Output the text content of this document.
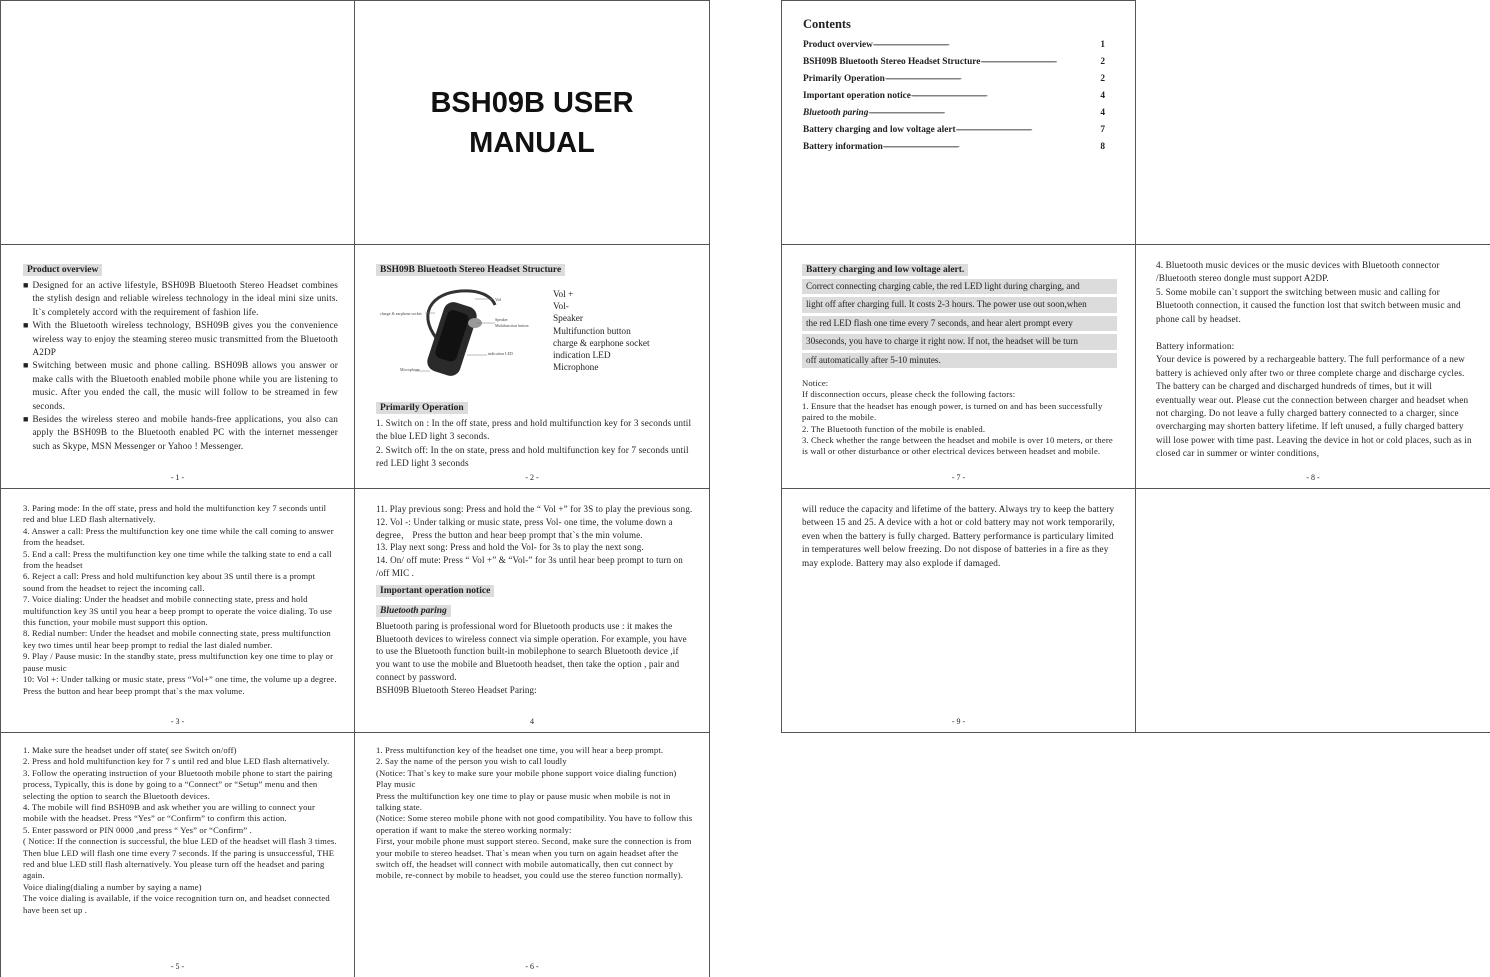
BSH09B USER
MANUAL
Contents
Product overview - - -	1
BSH09B Bluetooth Stereo Headset Structure - - -	2
Primarily Operation - - -	2
Important operation notice - - -	4
Bluetooth paring - - -	4
Battery charging and low voltage alert - - -	7
Battery information - - -	8
Product overview
■ Designed for an active lifestyle, BSH09B Bluetooth Stereo Headset combines the stylish design and reliable wireless technology in the ideal mini size units. It`s completely accord with the requirement of fashion life.

■ With the Bluetooth wireless technology, BSH09B gives you the convenience wireless way to enjoy the steaming stereo music transmitted from the Bluetooth A2DP

■ Switching between music and phone calling. BSH09B allows you answer or make calls with the Bluetooth enabled mobile phone while you are listening to music. After you ended the call, the music will follow to be streamed in few seconds.

■ Besides the wireless stereo and mobile hands-free applications, you also can apply the BSH09B to the Bluetooth enabled PC with the internet messenger such as Skype, MSN Messenger or Yahoo ! Messenger.

- 1 -
BSH09B Bluetooth Stereo Headset Structure
Vol
charge & earphone socket
Speaker
Multifunction button
indication LED
Microphone
Vol +
Vol-
Speaker
Multifunction button
charge & earphone socket
indication LED
Microphone
Primarily Operation

1. Switch on : In the off state, press and hold multifunction key for 3 seconds until the blue LED light 3 seconds.
2. Switch off: In the on state, press and hold multifunction key for 7 seconds until red LED light 3 seconds

- 2 -
Battery charging and low voltage alert.
Correct connecting charging cable, the red LED light during charging, and
light off after charging full. It costs 2-3 hours. The power use out soon,when
the red LED flash one time every 7 seconds, and hear alert prompt every
30seconds, you have to charge it right now. If not, the headset will be turn
off automatically after 5-10 minutes.

Notice:
If disconnection occurs, please check the following factors:
1. Ensure that the headset has enough power, is turned on and has been successfully paired to the mobile.
2. The Bluetooth function of the mobile is enabled.
3. Check whether the range between the headset and mobile is over 10 meters, or there is wall or other disturbance or other electrical devices between headset and mobile.

- 7 -

4. Bluetooth music devices or the music devices with Bluetooth connector /Bluetooth stereo dongle must support A2DP.
5. Some mobile can`t support the switching between music and calling for Bluetooth connection, it caused the function lost that switch between music and phone call by headset.

Battery information:

Your device is powered by a rechargeable battery. The full performance of a new battery is achieved only after two or three complete charge and discharge cycles. The battery can be charged and discharged hundreds of times, but it will eventually wear out. Please cut the connection between charger and headset when not charging. Do not leave a fully charged battery connected to a charger, since overcharging may shorten battery lifetime. If left unused, a fully charged battery will lose power with time past. Leaving the device in hot or cold places, such as in closed car in summer or winter conditions,

- 8 -

3. Paring mode: In the off state, press and hold the multifunction key 7 seconds until red and blue LED flash alternatively.
4. Answer a call: Press the multifunction key one time while the call coming to answer from the headset.
5. End a call: Press the multifunction key one time while the talking state to end a call from the headset
6. Reject a call: Press and hold multifunction key about 3S until there is a prompt sound from the headset to reject the incoming call.
7. Voice dialing: Under the headset and mobile connecting state, press and hold multifunction key 3S until you hear a beep prompt to operate the voice dialing. To use this function, your mobile must support this option.
8. Redial number: Under the headset and mobile connecting state, press multifunction key two times until hear beep prompt to redial the last dialed number.
9. Play / Pause music: In the standby state, press multifunction key one time to play or pause music
10: Vol +: Under talking or music state, press “Vol+” one time, the volume up a degree. Press the button and hear beep prompt that`s the max volume.

- 3 -

11. Play previous song: Press and hold the “ Vol +” for 3S to play the previous song.
12. Vol -: Under talking or music state, press Vol- one time, the volume down a degree， Press the button and hear beep prompt that`s the min volume.
13. Play next song: Press and hold the Vol- for 3s to play the next song.
14. On/ off mute: Press “ Vol +” & “Vol-” for 3s until hear beep prompt to turn on /off MIC .

Important operation notice
Bluetooth paring

Bluetooth paring is professional word for Bluetooth products use : it makes the Bluetooth devices to wireless connect via simple operation. For example, you have to use the Bluetooth function built-in mobilephone to search Bluetooth device ,if you want to use the mobile and Bluetooth headset, then take the option , pair and connect by password.
BSH09B Bluetooth Stereo Headset Paring:

4

will reduce the capacity and lifetime of the battery. Always try to keep the battery between 15 and 25. A device with a hot or cold battery may not work temporarily, even when the battery is fully charged. Battery performance is particulary limited in temperatures well below freezing. Do not dispose of batteries in a fire as they may explode. Battery may also explode if damaged.

- 9 -

1. Make sure the headset under off state( see Switch on/off)
2. Press and hold multifunction key for 7 s until red and blue LED flash alternatively.
3. Follow the operating instruction of your Bluetooth mobile phone to start the pairing process, Typically, this is done by going to a “Connect” or “Setup” menu and then selecting the option to search the Bluetooth devices.
4. The mobile will find BSH09B and ask whether you are willing to connect your mobile with the headset. Press “Yes” or “Confirm” to confirm this action.
5. Enter password or PIN 0000 ,and press “ Yes” or “Confirm” .
( Notice: If the connection is successful, the blue LED of the headset will flash 3 times. Then blue LED will flash one time every 7 seconds. If the paring is unsuccessful, THE red and blue LED still flash alternatively. You please turn off the headset and paring again.
Voice dialing(dialing a number by saying a name)
The voice dialing is available, if the voice recognition turn on, and headset connected have been set up .

- 5 -

1. Press multifunction key of the headset one time, you will hear a beep prompt.
2. Say the name of the person you wish to call loudly
(Notice: That`s key to make sure your mobile phone support voice dialing function)
Play music
Press the multifunction key one time to play or pause music when mobile is not in talking state.
(Notice: Some stereo mobile phone with not good compatibility. You have to follow this operation if want to make the stereo working normaly:
First, your mobile phone must support stereo. Second, make sure the connection is from your mobile to stereo headset. That`s mean when you turn on again headset after the switch off, the headset will connect with mobile automatically, then cut connect by mobile, re-connect by mobile to headset, you could use the stereo function normally).

- 6 -
